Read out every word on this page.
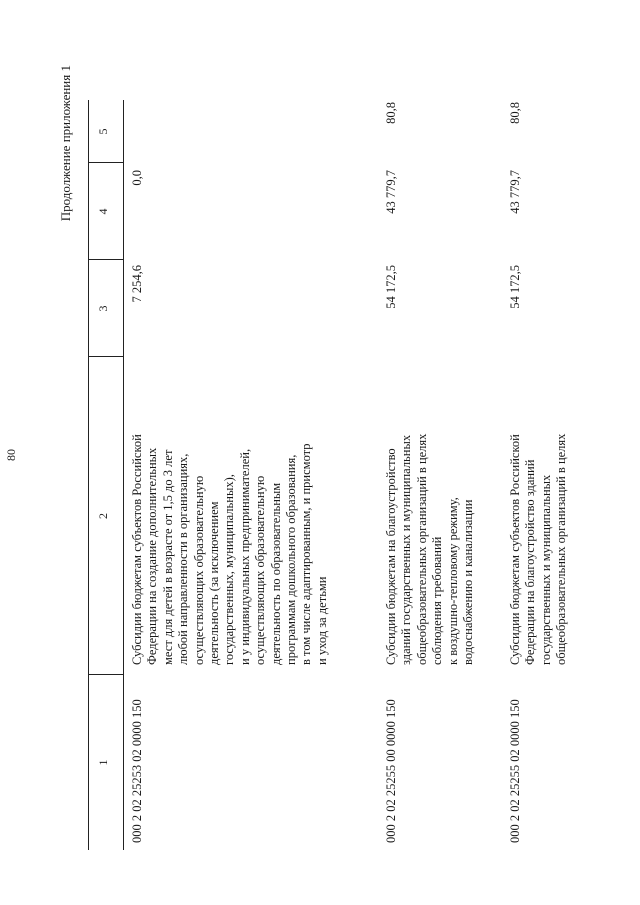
80
Продолжение приложения 1
1
2
3
4
5
000 2 02 25253 02 0000 150
Субсидии бюджетам субъектов Российской
Федерации на создание дополнительных
мест для детей в возрасте от 1,5 до 3 лет
любой направленности в организациях,
осуществляющих образовательную
деятельность (за исключением
государственных, муниципальных),
и у индивидуальных предпринимателей,
осуществляющих образовательную
деятельность по образовательным
программам дошкольного образования,
в том числе адаптированным, и присмотр
и уход за детьми
7 254,6
0,0
000 2 02 25255 00 0000 150
Субсидии бюджетам на благоустройство
зданий государственных и муниципальных
общеобразовательных организаций в целях
соблюдения требований
к воздушно-тепловому режиму,
водоснабжению и канализации
54 172,5
43 779,7
80,8
000 2 02 25255 02 0000 150
Субсидии бюджетам субъектов Российской
Федерации на благоустройство зданий
государственных и муниципальных
общеобразовательных организаций в целях
54 172,5
43 779,7
80,8
